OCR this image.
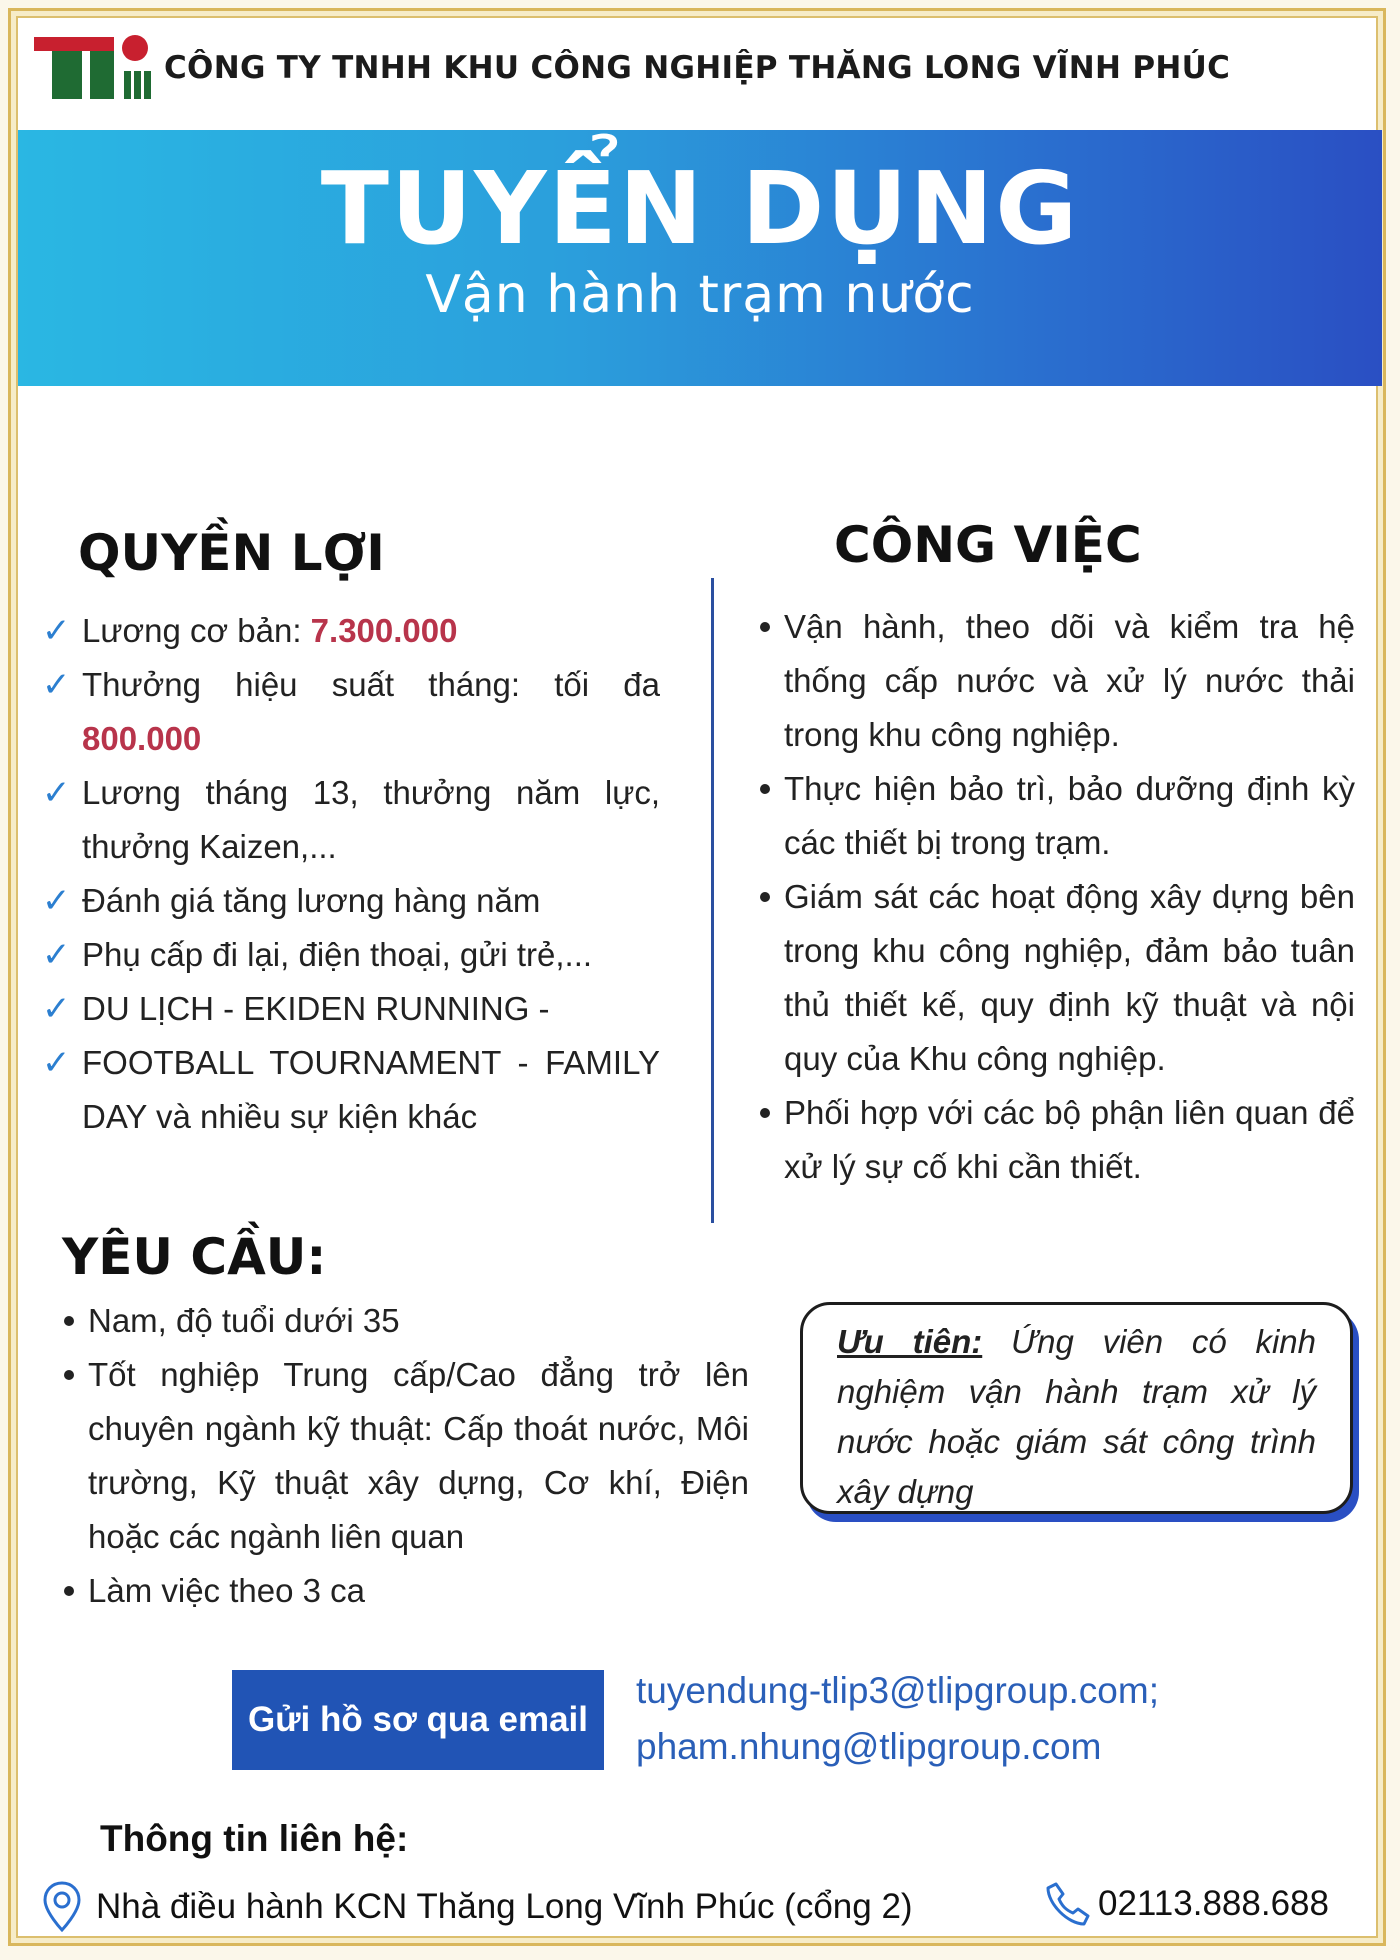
CÔNG TY TNHH KHU CÔNG NGHIỆP THĂNG LONG VĨNH PHÚC
TUYỂN DỤNG
Vận hành trạm nước
QUYỀN LỢI	CÔNG VIỆC
✓ Lương cơ bản: 7.300.000
✓ Thưởng hiệu suất tháng: tối đa 800.000
✓ Lương tháng 13, thưởng năm lực, thưởng Kaizen,...
✓ Đánh giá tăng lương hàng năm
✓ Phụ cấp đi lại, điện thoại, gửi trẻ,...
✓ DU LỊCH - EKIDEN RUNNING -
✓ FOOTBALL TOURNAMENT - FAMILY DAY và nhiều sự kiện khác
Vận hành, theo dõi và kiểm tra hệ thống cấp nước và xử lý nước thải trong khu công nghiệp.
Thực hiện bảo trì, bảo dưỡng định kỳ các thiết bị trong trạm.
Giám sát các hoạt động xây dựng bên trong khu công nghiệp, đảm bảo tuân thủ thiết kế, quy định kỹ thuật và nội quy của Khu công nghiệp.
Phối hợp với các bộ phận liên quan để xử lý sự cố khi cần thiết.
YÊU CẦU:
Nam, độ tuổi dưới 35
Tốt nghiệp Trung cấp/Cao đẳng trở lên chuyên ngành kỹ thuật: Cấp thoát nước, Môi trường, Kỹ thuật xây dựng, Cơ khí, Điện hoặc các ngành liên quan
Làm việc theo 3 ca
Ưu tiên: Ứng viên có kinh nghiệm vận hành trạm xử lý nước hoặc giám sát công trình xây dựng
Gửi hồ sơ qua email
tuyendung-tlip3@tlipgroup.com;
pham.nhung@tlipgroup.com
Thông tin liên hệ:
Nhà điều hành KCN Thăng Long Vĩnh Phúc (cổng 2)	02113.888.688
